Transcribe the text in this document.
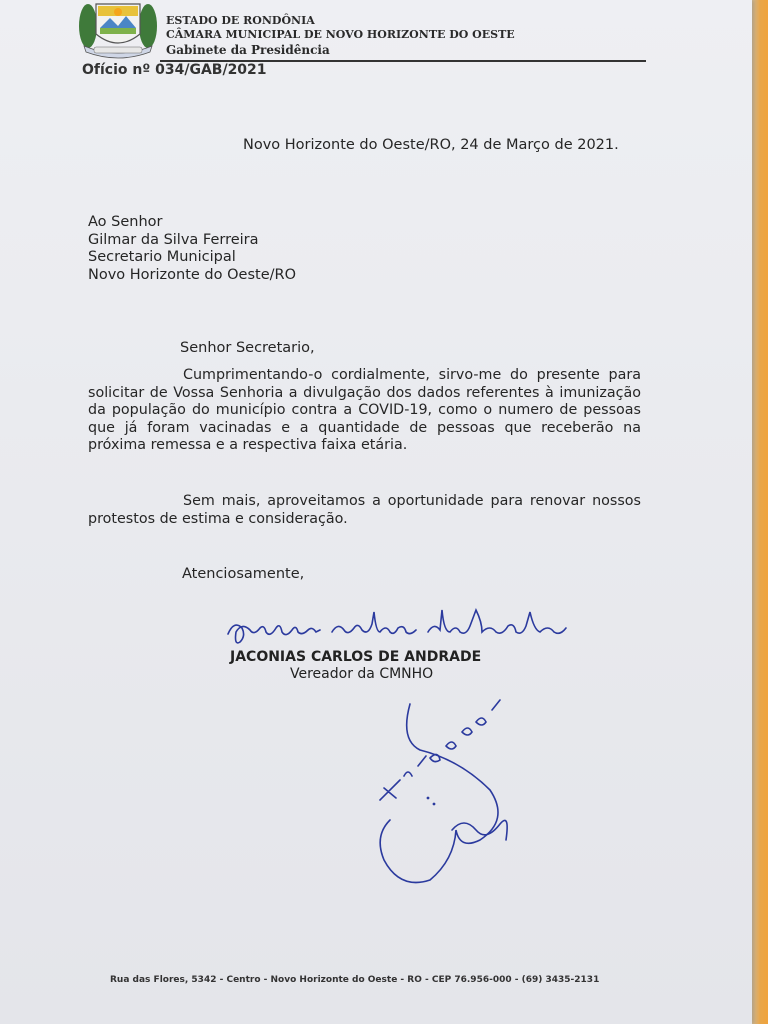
ESTADO DE RONDÔNIA
CÂMARA MUNICIPAL DE NOVO HORIZONTE DO OESTE
Gabinete da Presidência
Ofício nº 034/GAB/2021
Novo Horizonte do Oeste/RO, 24 de Março de 2021.
Ao Senhor
Gilmar da Silva Ferreira
Secretario Municipal
Novo Horizonte do Oeste/RO
Senhor Secretario,
Cumprimentando-o cordialmente, sirvo-me do presente para solicitar de Vossa Senhoria a divulgação dos dados referentes à imunização da população do município contra a COVID-19, como o numero de pessoas que já foram vacinadas e a quantidade de pessoas que receberão na próxima remessa e a respectiva faixa etária.
Sem mais, aproveitamos a oportunidade para renovar nossos protestos de estima e consideração.
Atenciosamente,
JACONIAS CARLOS DE ANDRADE
Vereador da CMNHO
Rua das Flores, 5342 - Centro - Novo Horizonte do Oeste - RO - CEP 76.956-000 - (69) 3435-2131
